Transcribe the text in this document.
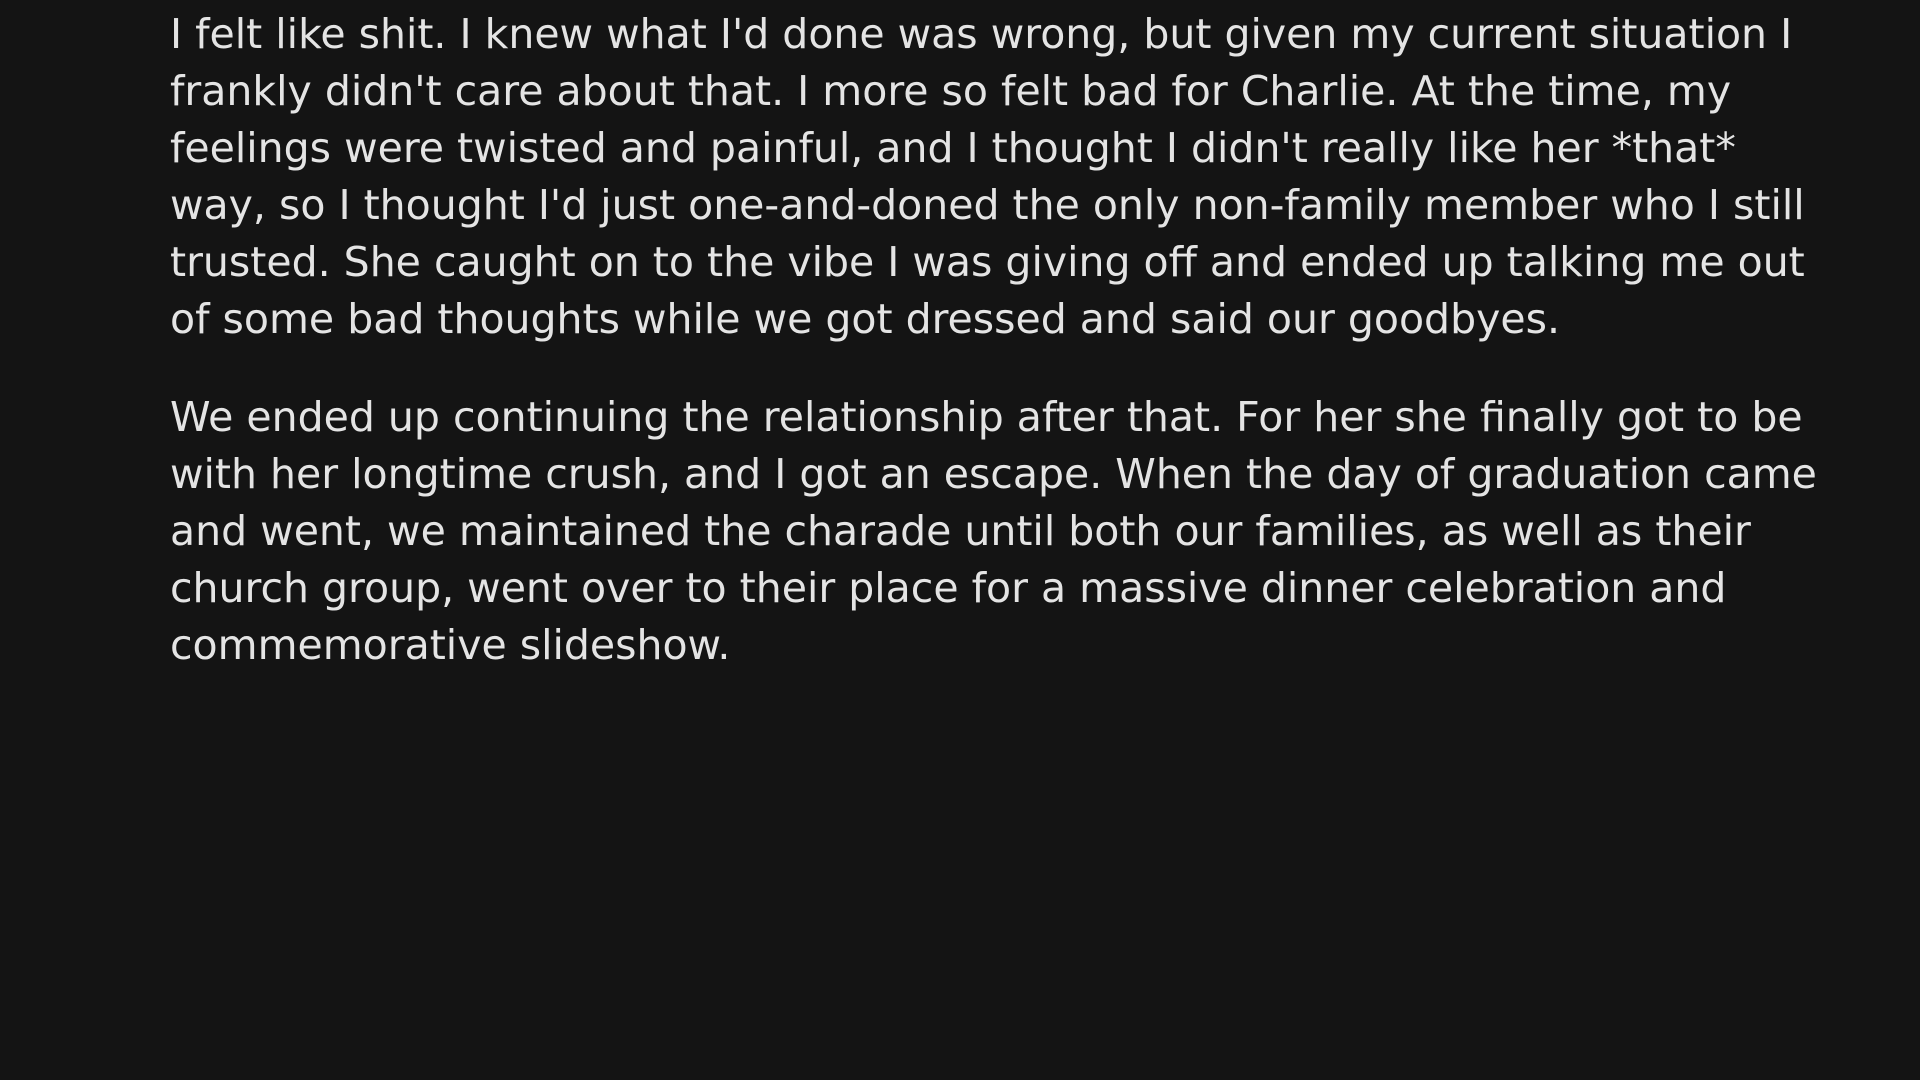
I felt like shit. I knew what I'd done was wrong, but given my current situation I
frankly didn't care about that. I more so felt bad for Charlie. At the time, my
feelings were twisted and painful, and I thought I didn't really like her *that*
way, so I thought I'd just one-and-doned the only non-family member who I still
trusted. She caught on to the vibe I was giving off and ended up talking me out
of some bad thoughts while we got dressed and said our goodbyes.

We ended up continuing the relationship after that. For her she finally got to be
with her longtime crush, and I got an escape. When the day of graduation came
and went, we maintained the charade until both our families, as well as their
church group, went over to their place for a massive dinner celebration and
commemorative slideshow.
